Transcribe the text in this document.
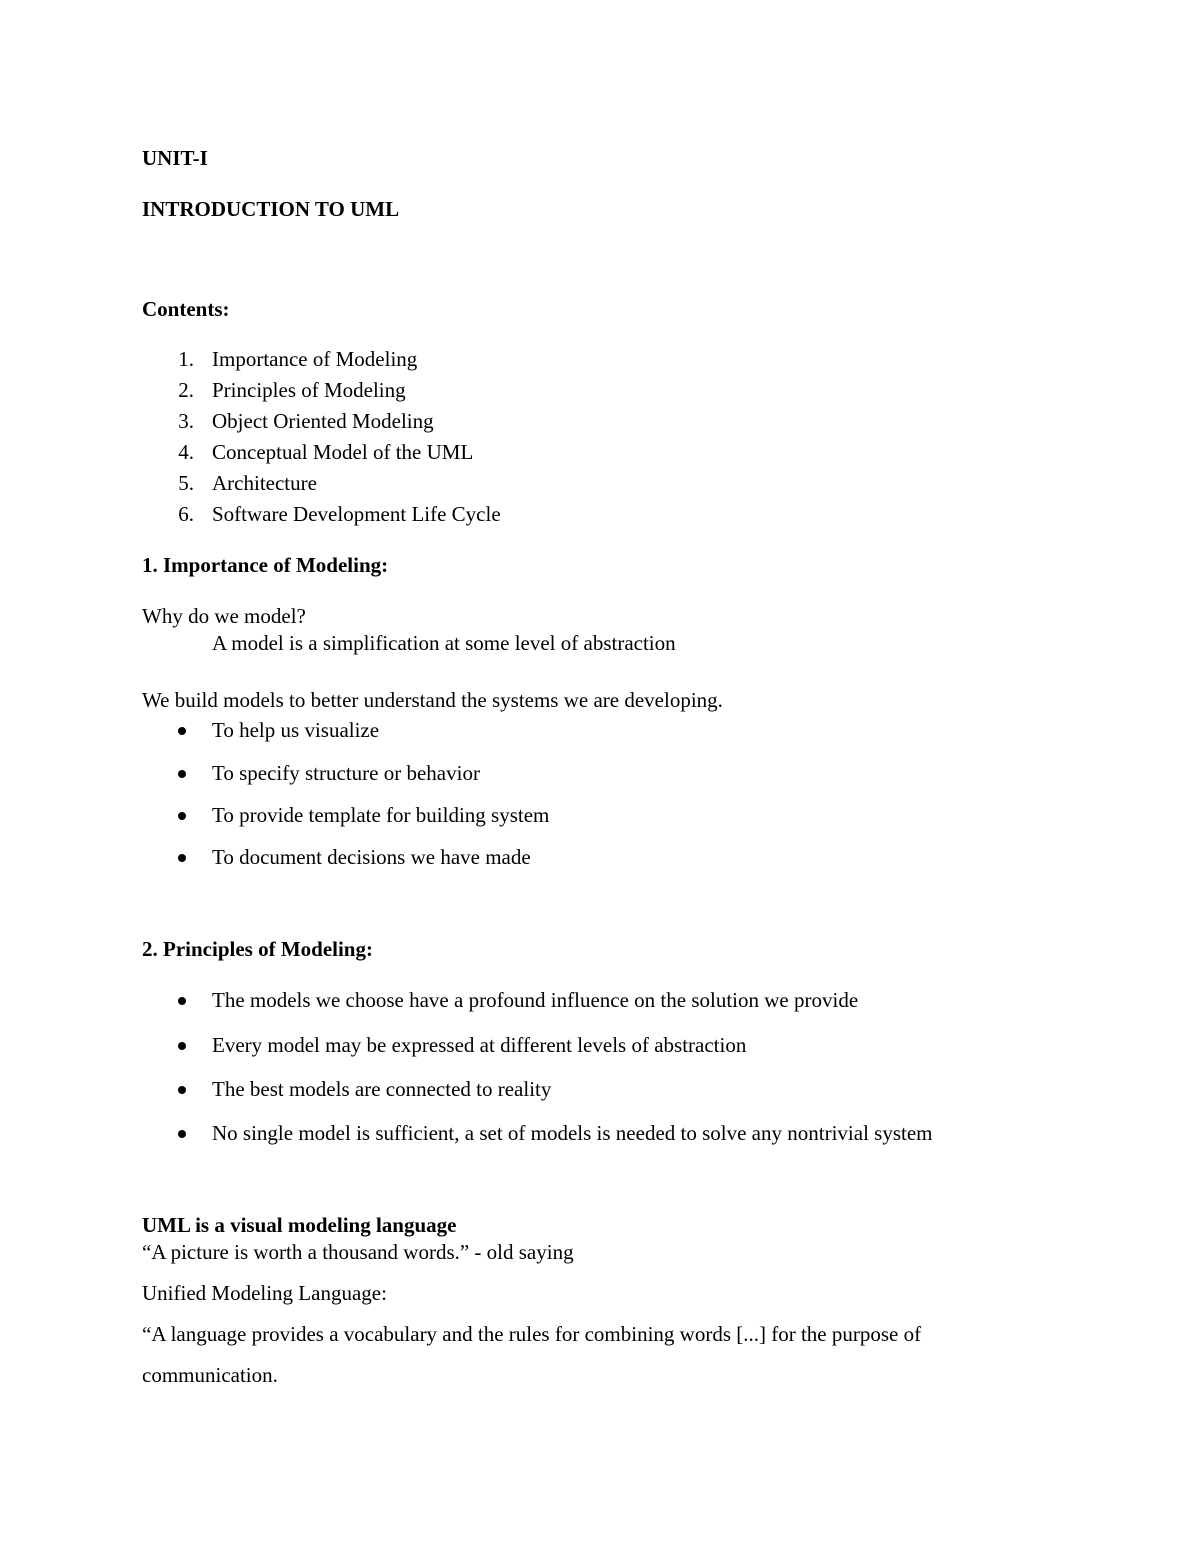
UNIT-I
INTRODUCTION TO UML
Contents:
1. Importance of Modeling
2. Principles of Modeling
3. Object Oriented Modeling
4. Conceptual Model of the UML
5. Architecture
6. Software Development Life Cycle
1. Importance of Modeling:
Why do we model?
A model is a simplification at some level of abstraction
We build models to better understand the systems we are developing.
To help us visualize
To specify structure or behavior
To provide template for building system
To document decisions we have made
2. Principles of Modeling:
The models we choose have a profound influence on the solution we provide
Every model may be expressed at different levels of abstraction
The best models are connected to reality
No single model is sufficient, a set of models is needed to solve any nontrivial system
UML is a visual modeling language
“A picture is worth a thousand words.” - old saying
Unified Modeling Language:
“A language provides a vocabulary and the rules for combining words [...] for the purpose of
communication.
